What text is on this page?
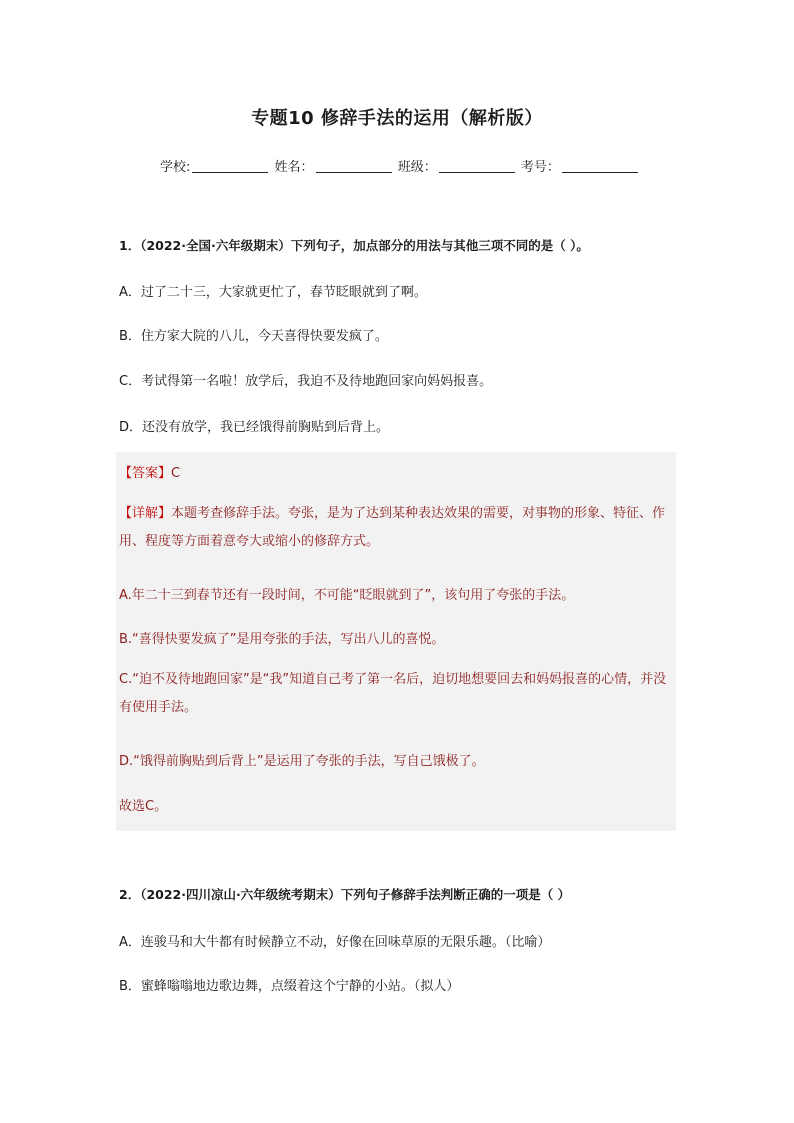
专题10 修辞手法的运用（解析版）
学校:	姓名：	班级：	考号：
1．（2022·全国·六年级期末）下列句子，加点部分的用法与其他三项不同的是（ ）。
A．过了二十三，大家就更忙了，春节眨眼就到了啊。
B．住方家大院的八儿，今天喜得快要发疯了。
C．考试得第一名啦！放学后，我迫不及待地跑回家向妈妈报喜。
D．还没有放学，我已经饿得前胸贴到后背上。
【答案】C
【详解】本题考查修辞手法。夸张，是为了达到某种表达效果的需要，对事物的形象、特征、作用、程度等方面着意夸大或缩小的修辞方式。
A.年二十三到春节还有一段时间，不可能“眨眼就到了”，该句用了夸张的手法。
B.“喜得快要发疯了”是用夸张的手法，写出八儿的喜悦。
C.“迫不及待地跑回家”是“我”知道自己考了第一名后，迫切地想要回去和妈妈报喜的心情，并没有使用手法。
D.“饿得前胸贴到后背上”是运用了夸张的手法，写自己饿极了。
故选C。
2．（2022·四川凉山·六年级统考期末）下列句子修辞手法判断正确的一项是（ ）
A．连骏马和大牛都有时候静立不动，好像在回味草原的无限乐趣。（比喻）
B．蜜蜂嗡嗡地边歌边舞，点缀着这个宁静的小站。（拟人）
